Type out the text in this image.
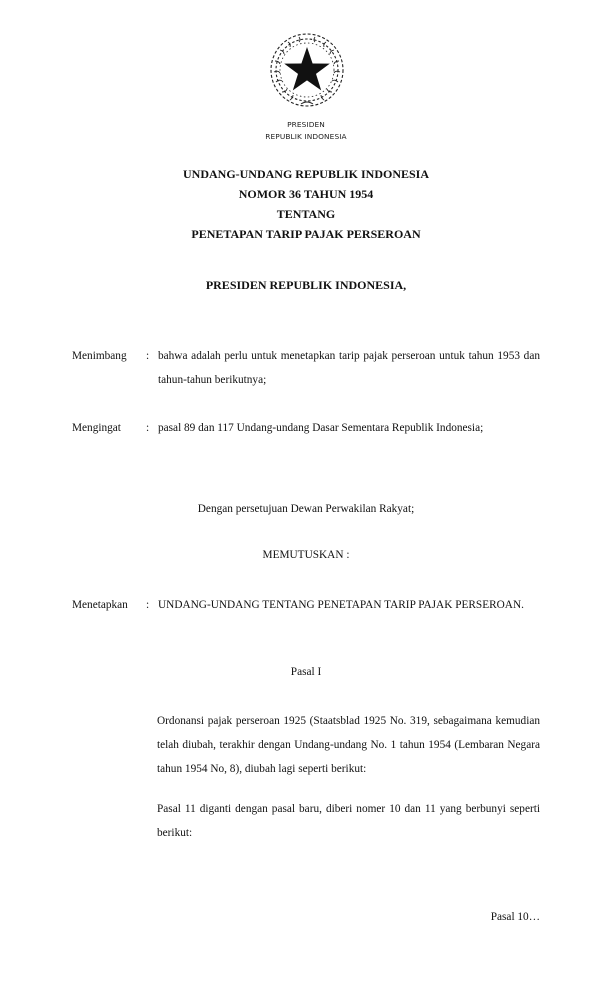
PRESIDEN
REPUBLIK INDONESIA
UNDANG-UNDANG REPUBLIK INDONESIA
NOMOR 36 TAHUN 1954
TENTANG
PENETAPAN TARIP PAJAK PERSEROAN
PRESIDEN REPUBLIK INDONESIA,
Menimbang : bahwa adalah perlu untuk menetapkan tarip pajak perseroan untuk tahun 1953 dan tahun-tahun berikutnya;
Mengingat : pasal 89 dan 117 Undang-undang Dasar Sementara Republik Indonesia;
Dengan persetujuan Dewan Perwakilan Rakyat;
MEMUTUSKAN :
Menetapkan : UNDANG-UNDANG TENTANG PENETAPAN TARIP PAJAK PERSEROAN.
Pasal I
Ordonansi pajak perseroan 1925 (Staatsblad 1925 No. 319, sebagaimana kemudian telah diubah, terakhir dengan Undang-undang No. 1 tahun 1954 (Lembaran Negara tahun 1954 No, 8), diubah lagi seperti berikut:
Pasal 11 diganti dengan pasal baru, diberi nomer 10 dan 11 yang berbunyi seperti berikut:
Pasal 10…
